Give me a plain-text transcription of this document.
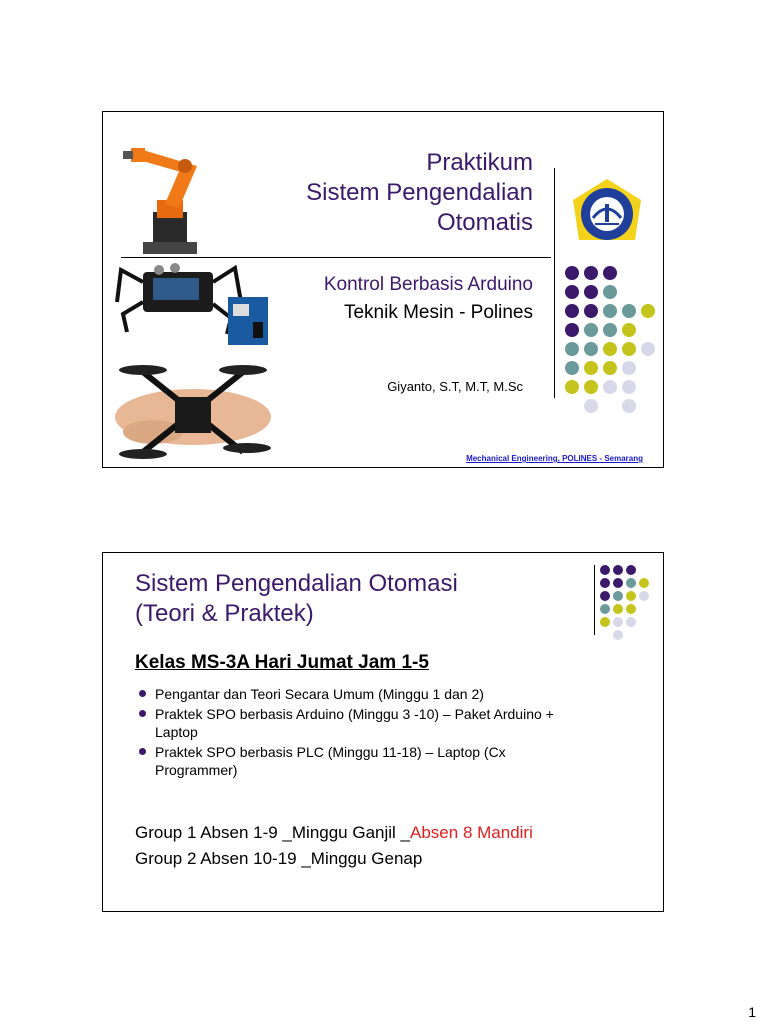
Praktikum
Sistem Pengendalian
Otomatis
Kontrol Berbasis Arduino
Teknik Mesin - Polines
Giyanto, S.T, M.T, M.Sc
Mechanical Engineering, POLINES - Semarang
Sistem Pengendalian Otomasi
(Teori & Praktek)
Kelas MS-3A Hari Jumat Jam 1-5
Pengantar dan Teori Secara Umum (Minggu 1 dan 2)
Praktek SPO berbasis Arduino (Minggu 3 -10) – Paket Arduino + Laptop
Praktek SPO berbasis PLC (Minggu 11-18) – Laptop (Cx Programmer)
Group 1 Absen 1-9 _Minggu Ganjil _Absen 8 Mandiri
Group 2 Absen 10-19 _Minggu Genap
1
